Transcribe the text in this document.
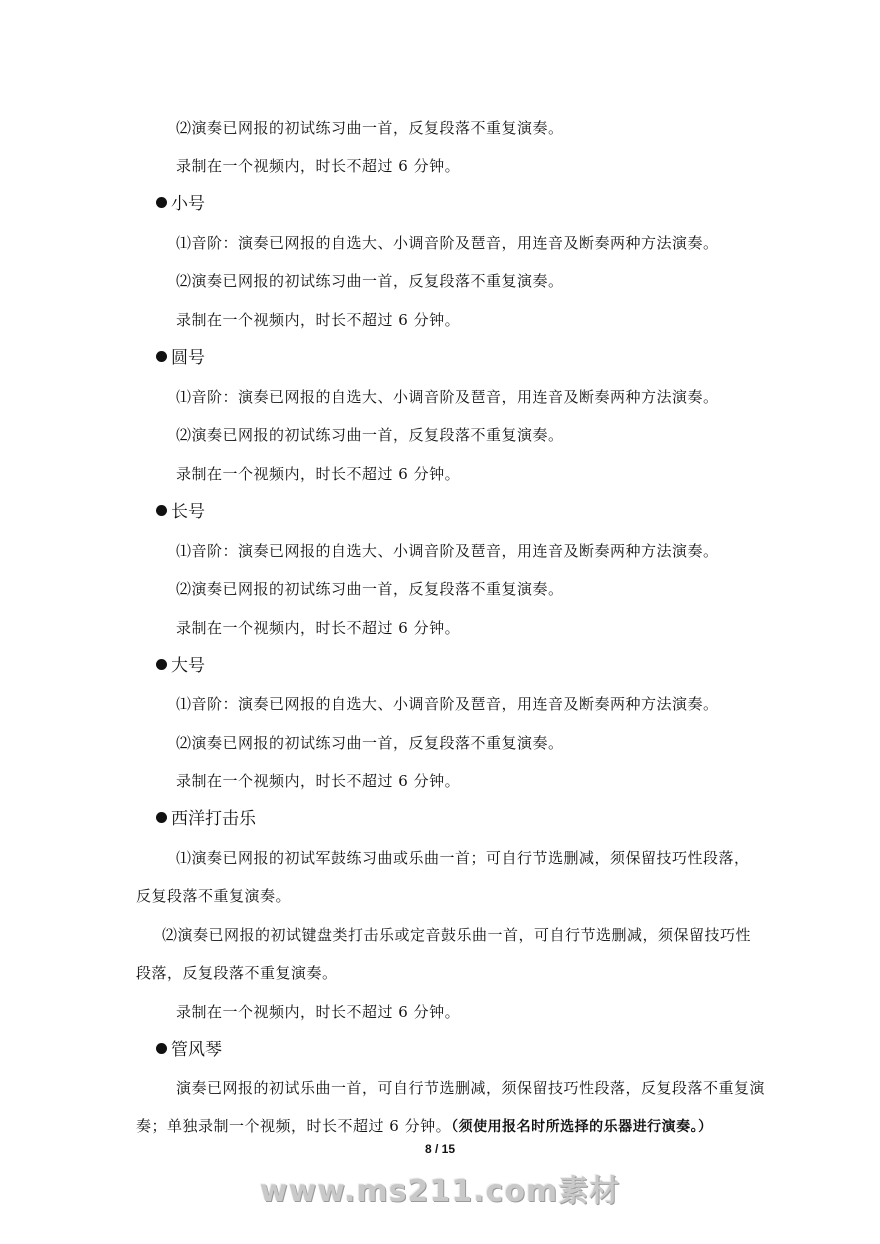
⑵演奏已网报的初试练习曲一首，反复段落不重复演奏。
录制在一个视频内，时长不超过 6 分钟。
小号
⑴音阶：演奏已网报的自选大、小调音阶及琶音，用连音及断奏两种方法演奏。
⑵演奏已网报的初试练习曲一首，反复段落不重复演奏。
录制在一个视频内，时长不超过 6 分钟。
圆号
⑴音阶：演奏已网报的自选大、小调音阶及琶音，用连音及断奏两种方法演奏。
⑵演奏已网报的初试练习曲一首，反复段落不重复演奏。
录制在一个视频内，时长不超过 6 分钟。
长号
⑴音阶：演奏已网报的自选大、小调音阶及琶音，用连音及断奏两种方法演奏。
⑵演奏已网报的初试练习曲一首，反复段落不重复演奏。
录制在一个视频内，时长不超过 6 分钟。
大号
⑴音阶：演奏已网报的自选大、小调音阶及琶音，用连音及断奏两种方法演奏。
⑵演奏已网报的初试练习曲一首，反复段落不重复演奏。
录制在一个视频内，时长不超过 6 分钟。
西洋打击乐
⑴演奏已网报的初试军鼓练习曲或乐曲一首；可自行节选删减，须保留技巧性段落，
反复段落不重复演奏。
⑵演奏已网报的初试键盘类打击乐或定音鼓乐曲一首，可自行节选删减，须保留技巧性
段落，反复段落不重复演奏。
录制在一个视频内，时长不超过 6 分钟。
管风琴
演奏已网报的初试乐曲一首，可自行节选删减，须保留技巧性段落，反复段落不重复演
奏；单独录制一个视频，时长不超过 6 分钟。（须使用报名时所选择的乐器进行演奏。）
8 / 15
www.ms211.com素材
